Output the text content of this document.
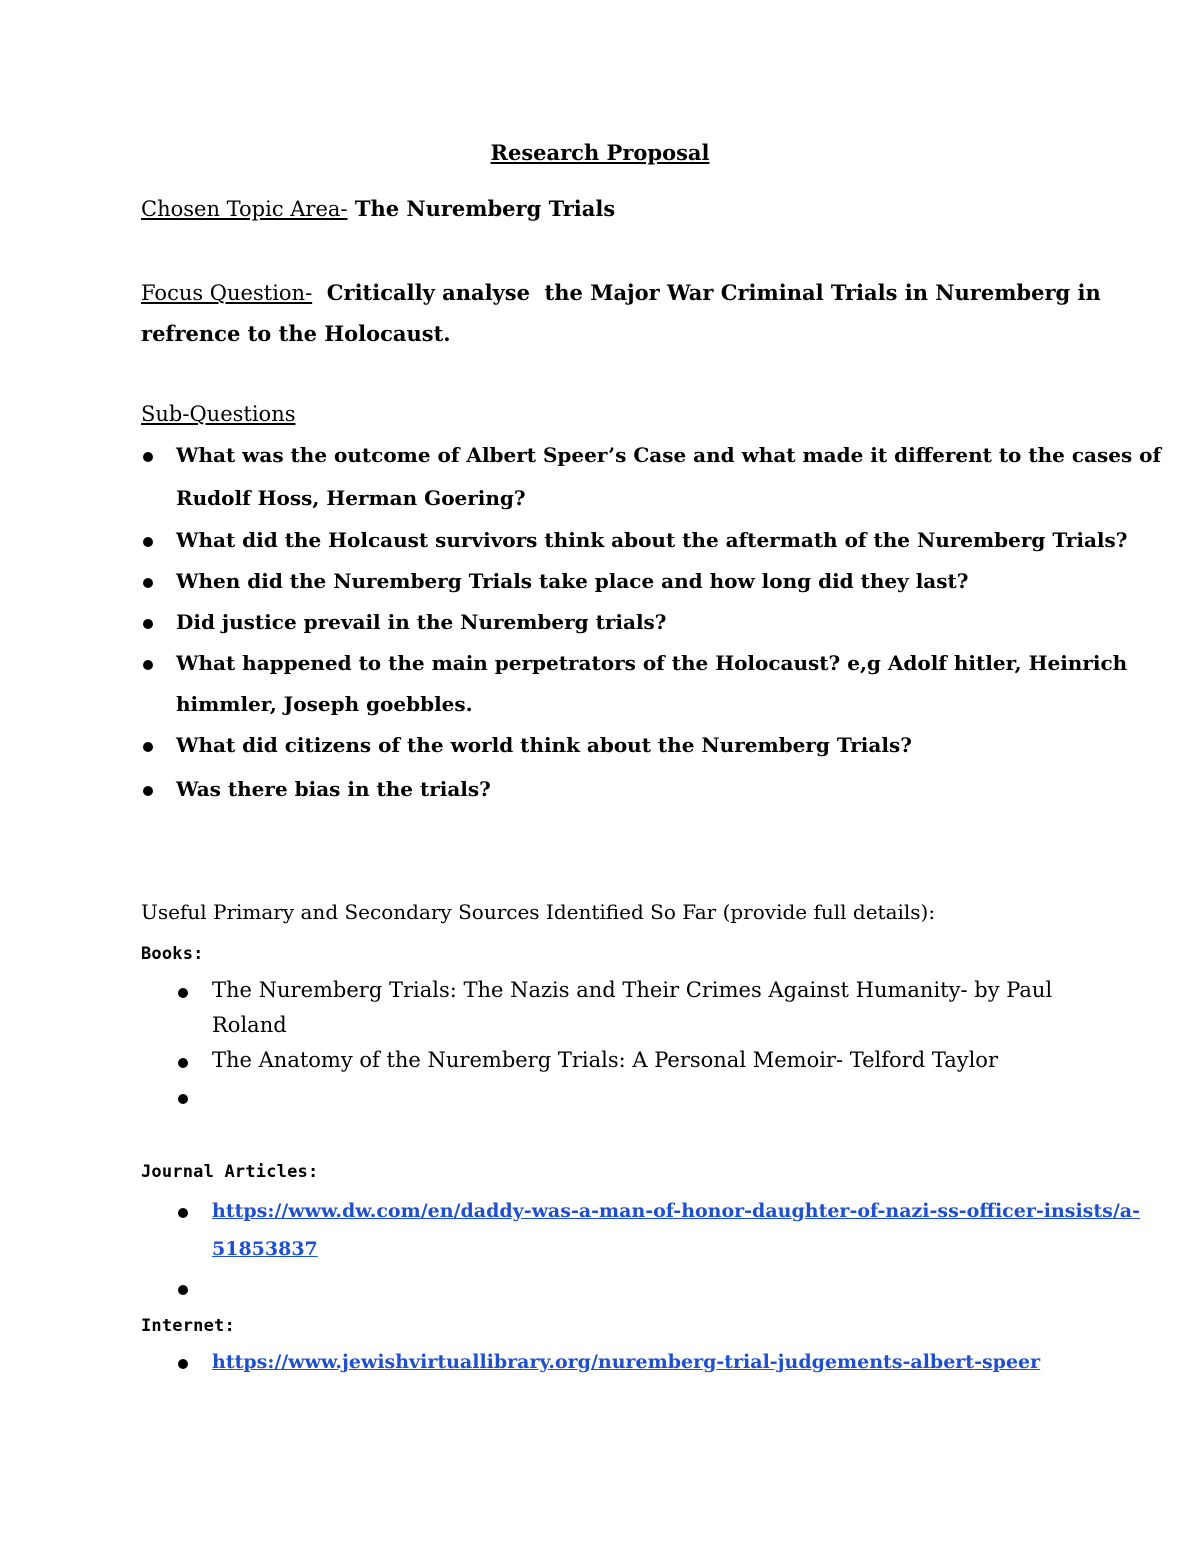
Research Proposal
Chosen Topic Area- The Nuremberg Trials
Focus Question-  Critically analyse  the Major War Criminal Trials in Nuremberg in
refrence to the Holocaust.
Sub-Questions
What was the outcome of Albert Speer’s Case and what made it different to the cases of
Rudolf Hoss, Herman Goering?
What did the Holcaust survivors think about the aftermath of the Nuremberg Trials?
When did the Nuremberg Trials take place and how long did they last?
Did justice prevail in the Nuremberg trials?
What happened to the main perpetrators of the Holocaust? e,g Adolf hitler, Heinrich
himmler, Joseph goebbles.
What did citizens of the world think about the Nuremberg Trials?
Was there bias in the trials?
Useful Primary and Secondary Sources Identified So Far (provide full details):
Books:
The Nuremberg Trials: The Nazis and Their Crimes Against Humanity- by Paul
Roland
The Anatomy of the Nuremberg Trials: A Personal Memoir- Telford Taylor
Journal Articles:
https://www.dw.com/en/daddy-was-a-man-of-honor-daughter-of-nazi-ss-officer-insists/a-
51853837
Internet:
https://www.jewishvirtuallibrary.org/nuremberg-trial-judgements-albert-speer
